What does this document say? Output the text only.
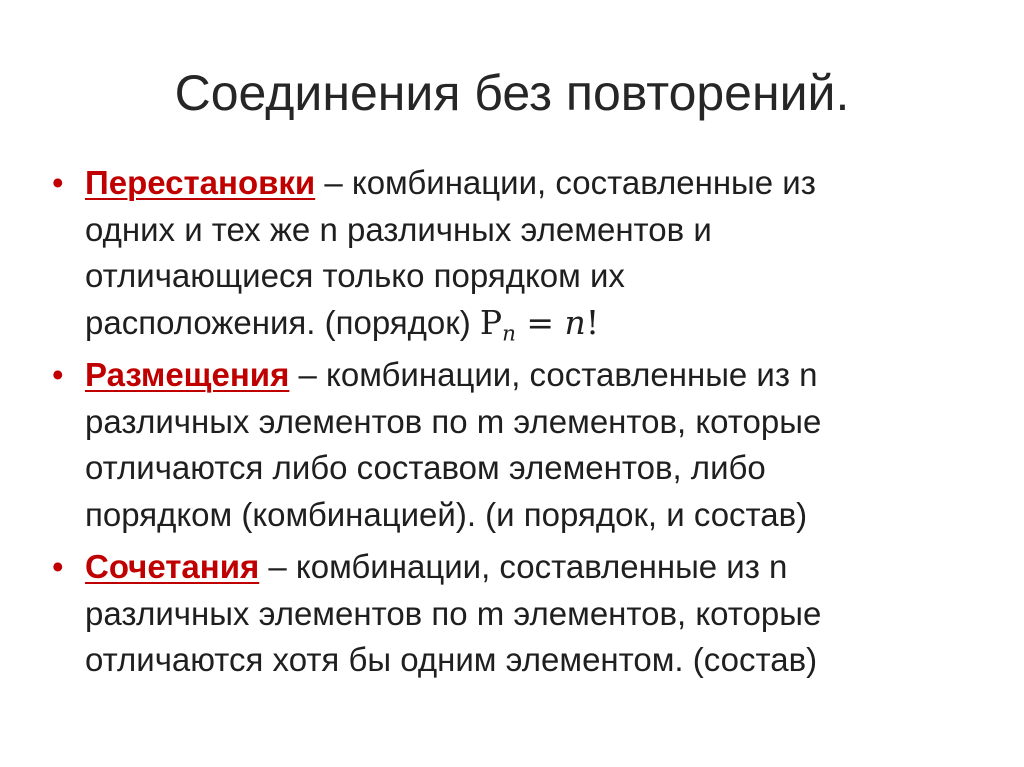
Соединения без повторений.
• Перестановки – комбинации, составленные из
одних и тех же n различных элементов и
отличающиеся только порядком их
расположения. (порядок) $P_n = n$!
• Размещения – комбинации, составленные из n
различных элементов по m элементов, которые
отличаются либо составом элементов, либо
порядком (комбинацией). (и порядок, и состав)
• Сочетания – комбинации, составленные из n
различных элементов по m элементов, которые
отличаются хотя бы одним элементом. (состав)
